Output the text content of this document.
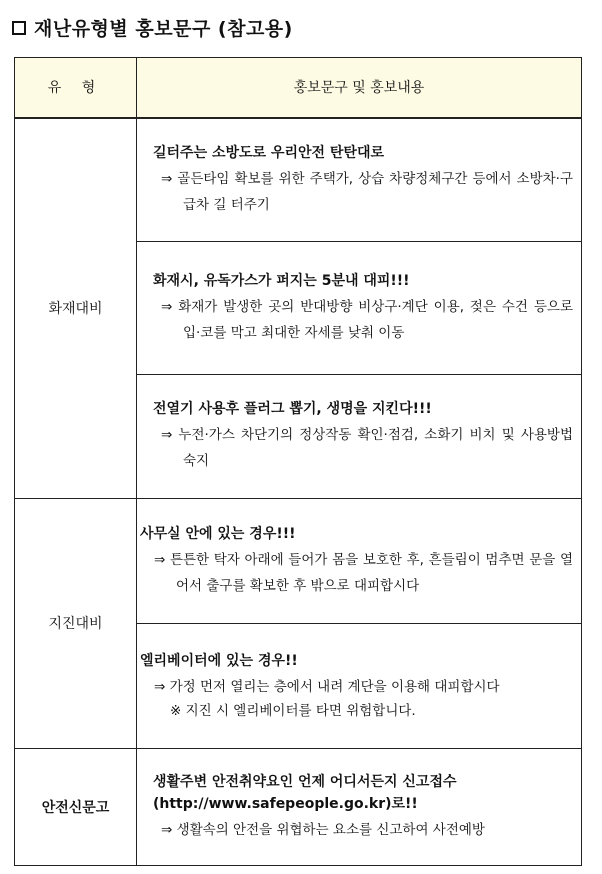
재난유형별 홍보문구 (참고용)
유 형	홍보문구 및 홍보내용
화재대비	길터주는 소방도로 우리안전 탄탄대로
⇒ 골든타임 확보를 위한 주택가, 상습 차량정체구간 등에서 소방차·구급차 길 터주기

	화재시, 유독가스가 퍼지는 5분내 대피!!!
⇒ 화재가 발생한 곳의 반대방향 비상구·계단 이용, 젖은 수건 등으로 입·코를 막고 최대한 자세를 낮춰 이동

	전열기 사용후 플러그 뽑기, 생명을 지킨다!!!
⇒ 누전·가스 차단기의 정상작동 확인·점검, 소화기 비치 및 사용방법 숙지

지진대비	사무실 안에 있는 경우!!!
⇒ 튼튼한 탁자 아래에 들어가 몸을 보호한 후, 흔들림이 멈추면 문을 열어서 출구를 확보한 후 밖으로 대피합시다

	엘리베이터에 있는 경우!!
⇒ 가정 먼저 열리는 층에서 내려 계단을 이용해 대피합시다
※ 지진 시 엘리베이터를 타면 위험합니다.

안전신문고	생활주변 안전취약요인 언제 어디서든지 신고접수 (http://www.safepeople.go.kr)로!!
⇒ 생활속의 안전을 위협하는 요소를 신고하여 사전예방
